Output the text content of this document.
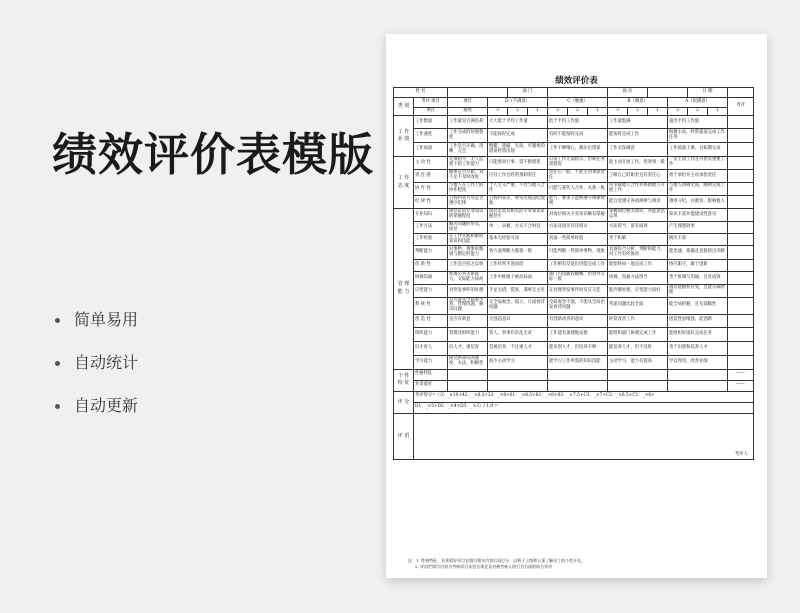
绩效评价表模版
简单易用
自动统计
自动更新
绩效评价表
姓 名				部 门					岗 位				日 期		
类 别	考评 项目	项目	D（不满意）			C（勉强）			B（满意）			A（很满意）			考评
	项目	描述	3	2	1	3	2	1	3	2	1	3	2	1	
工 作 业 绩	工作数量	工作量是否满负荷	大大低于平均工作量			低于平均工作量			工作量饱满			超出平均工作量			
	工作速度	工作完成的快慢程度	不能按时完成			有时不能按时完成			能按时完成工作			积极主动，经常提前完成工作任务			
	工作质量	工作是否正确、清晰、完全	粗糙、遗漏、失误，可避免的错误经常出现			工作不够细心，偶尔出错误			工作无误满意			工作质量上乘，且如期完成			
工 作 态 度	主 动 性	无须指令，无人监督下的工作能力	只能照章行事，需不断督促			日常工作无需指示，但新任务需督促			能主动开展工作，但效果一般			一贯主动工作且可担负重要工作			
	责 任 感	做事是否尽职，对不足不及时改进	应付工作且经常推卸责任			责任心一般，不能主动承担责任			了解自己的职责且有责任心			勇于承担并主动承担责任			
	协 作 性	与他人在工作上的协作程度	个人主义严重，不肯与他人合作			只愿与某些人合作，关系一般			常争取他人合作并协助他人开展工作			与他人协调无间，顺利完成工作			
	纪 律 性	自我约束力及是否遵守纪律	自我约束差，时常出现违纪现象			能与，要求下能够遵守规律规则			能自觉遵守各项规律与规章			遵章守纪，并教育、影响他人			
管 理 能 力	专业知识	岗位必需专业知识的掌握程度	岗位必需及相关的专业知识掌握甚少			对岗位相关专业知识略有掌握			掌握岗位相关知识，并能灵活运用			知识丰富并能建设性意见			
	工作方法	解决问题的形式，途径	单一、呆板、方式不合时宜			方法及途径有待商讨			方法得当，富有成效			产生理想效果			
	工作经验	在工作实践积累的知识和技能	基本无经验可谈			具备一些简单经验			善于积累			阅历丰富			
	判断能力	对事物、现象的甄别与断定的能力	各方面判断力都很一般			只能判断一些简单事物、现象			具备综合分析，判断的能力，对工作有所推动			能迅速、准确且直接的出决断			
	创 新 性	工作是否持之以恒	工作经常半途而废			工作稍有反复但仍能完成工作			能始终如一地完成工作			恪尽职守，敢于创新			
	协调沟通	处理公共关系能力，交际能力如何	工作中推脱干被动局面			部门内沟通较顺畅，但对外交际一般			协调、沟通方法得当			善于协调与沟通，且有成效			
	应变能力	对突发事件的处理	手足无措，慌张，遇事无主见			在处理突发事件时反应欠佳			能冷静处理，应变能力较好			遇急能随机应变，且能正确处理			
	系 统 性	是否能从全局着手看、处理问题，解决问题	无全局观念，孤立、片面看待问题			全局观念不强，不能从全局出发看待问题			考虑问题比较全面			能全局把握，且有前瞻性			
	创 造 性	是否有新意	无创造意识			有创新改善的意识			经常改善工作			创造性思维强，能创新			
	组织能力	管理及组织能力	管人，管事均杂乱无章			工作能有条理地安排			能组织部门协调完成工作			能组织好团队完成任务			
	识才育人	识人才，重培育	忽视培养，不注重人才			能识别人才，但培养不够			能培养人才，但不及时			善于识别和培养人才			
	学习能力	接受新知识的速度、方法、积极性	很少主动学习			能学习工作所需的知识技能			主动学习，能力有提高			学以致用，改善业绩			
个 性 特 征	性格特征														——
	业余爱好														——
评 分	考评得分=（3）_×10+42：_×8.3+33：_×8+61：_×8.5+82：_×8+83：_×7.5+C3：_×7+C2：_×6.5+C1：_×6+														
	D1：_×5+D2：_×4+D3：_×3）/ 1.9 =														
评 语	考评人：														
注：1. 性格特征、业余爱好项目在填写相关内容后再打分，以利于上级和人事了解员工的个性专长。
2. 评语栏填写内容为考核项目未包含事宜及对被考核人的行为方面的综合评价
